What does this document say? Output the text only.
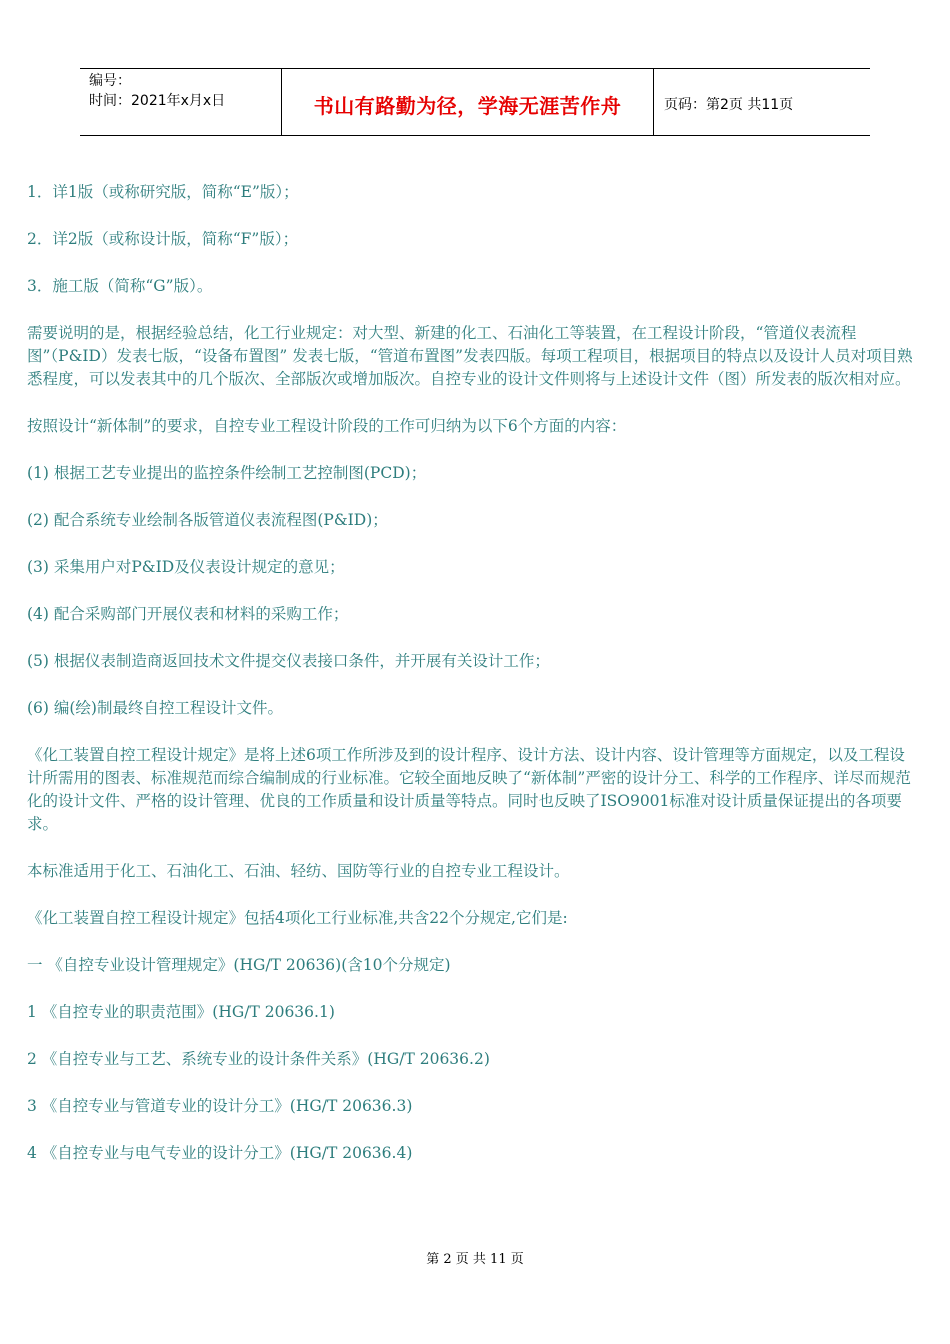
编号：
时间：2021年x月x日	书山有路勤为径，学海无涯苦作舟	页码：第2页 共11页

1．详1版（或称研究版，简称“E”版）；

2．详2版（或称设计版，简称“F”版）；

3．施工版（简称“G”版）。

需要说明的是，根据经验总结，化工行业规定：对大型、新建的化工、石油化工等装置，在工程设计阶段，“管道仪表流程图”（P&ID）发表七版，“设备布置图” 发表七版，“管道布置图”发表四版。每项工程项目，根据项目的特点以及设计人员对项目熟悉程度，可以发表其中的几个版次、全部版次或增加版次。自控专业的设计文件则将与上述设计文件（图）所发表的版次相对应。

按照设计“新体制”的要求，自控专业工程设计阶段的工作可归纳为以下6个方面的内容：

(1) 根据工艺专业提出的监控条件绘制工艺控制图(PCD)；

(2) 配合系统专业绘制各版管道仪表流程图(P&ID)；

(3) 采集用户对P&ID及仪表设计规定的意见；

(4) 配合采购部门开展仪表和材料的采购工作；

(5) 根据仪表制造商返回技术文件提交仪表接口条件，并开展有关设计工作；

(6) 编(绘)制最终自控工程设计文件。

《化工装置自控工程设计规定》是将上述6项工作所涉及到的设计程序、设计方法、设计内容、设计管理等方面规定，以及工程设计所需用的图表、标准规范而综合编制成的行业标准。它较全面地反映了“新体制”严密的设计分工、科学的工作程序、详尽而规范化的设计文件、严格的设计管理、优良的工作质量和设计质量等特点。同时也反映了ISO9001标准对设计质量保证提出的各项要求。

本标准适用于化工、石油化工、石油、轻纺、国防等行业的自控专业工程设计。

《化工装置自控工程设计规定》包括4项化工行业标准,共含22个分规定,它们是:

一 《自控专业设计管理规定》(HG/T 20636)(含10个分规定)

1 《自控专业的职责范围》(HG/T 20636.1)

2 《自控专业与工艺、系统专业的设计条件关系》(HG/T 20636.2)

3 《自控专业与管道专业的设计分工》(HG/T 20636.3)

4 《自控专业与电气专业的设计分工》(HG/T 20636.4)

第 2 页 共 11 页
